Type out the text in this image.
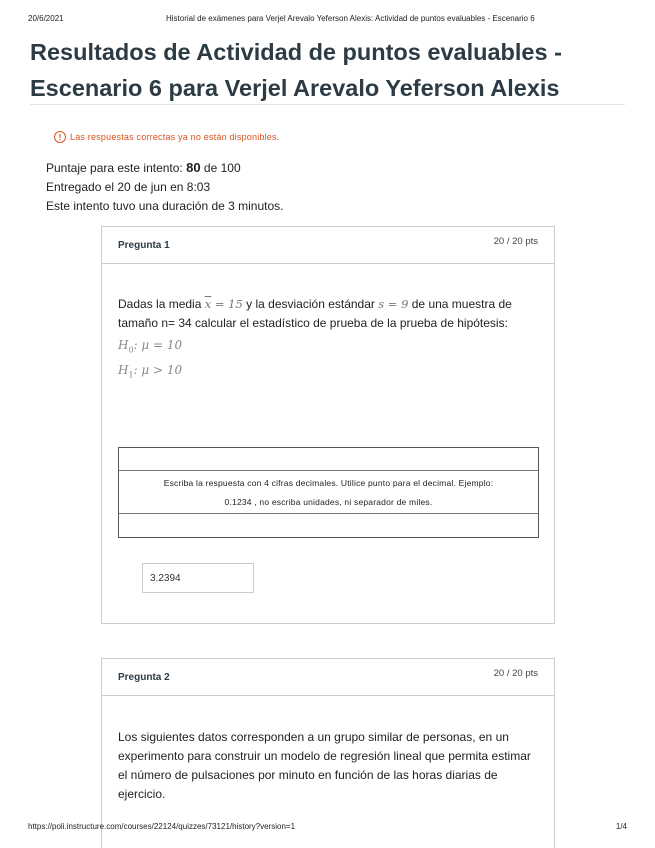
20/6/2021	Historial de exámenes para Verjel Arevalo Yeferson Alexis: Actividad de puntos evaluables - Escenario 6
Resultados de Actividad de puntos evaluables -
Escenario 6 para Verjel Arevalo Yeferson Alexis
! Las respuestas correctas ya no están disponibles.
Puntaje para este intento: 80 de 100
Entregado el 20 de jun en 8:03
Este intento tuvo una duración de 3 minutos.
Pregunta 1	20 / 20 pts
Dadas la media $\overline{x} = 15$ y la desviación estándar s = 9 de una muestra de tamaño n= 34 calcular el estadístico de prueba de la prueba de hipótesis:
$H_0$: μ = 10
$H_1$: μ > 10
Escriba la respuesta con 4 cifras decimales. Utilice punto para el decimal. Ejemplo:
0.1234 , no escriba unidades, ni separador de miles.
3.2394
Pregunta 2	20 / 20 pts
Los siguientes datos corresponden a un grupo similar de personas, en un experimento para construir un modelo de regresión lineal que permita estimar el número de pulsaciones por minuto en función de las horas diarias de ejercicio.
https://poli.instructure.com/courses/22124/quizzes/73121/history?version=1	1/4
